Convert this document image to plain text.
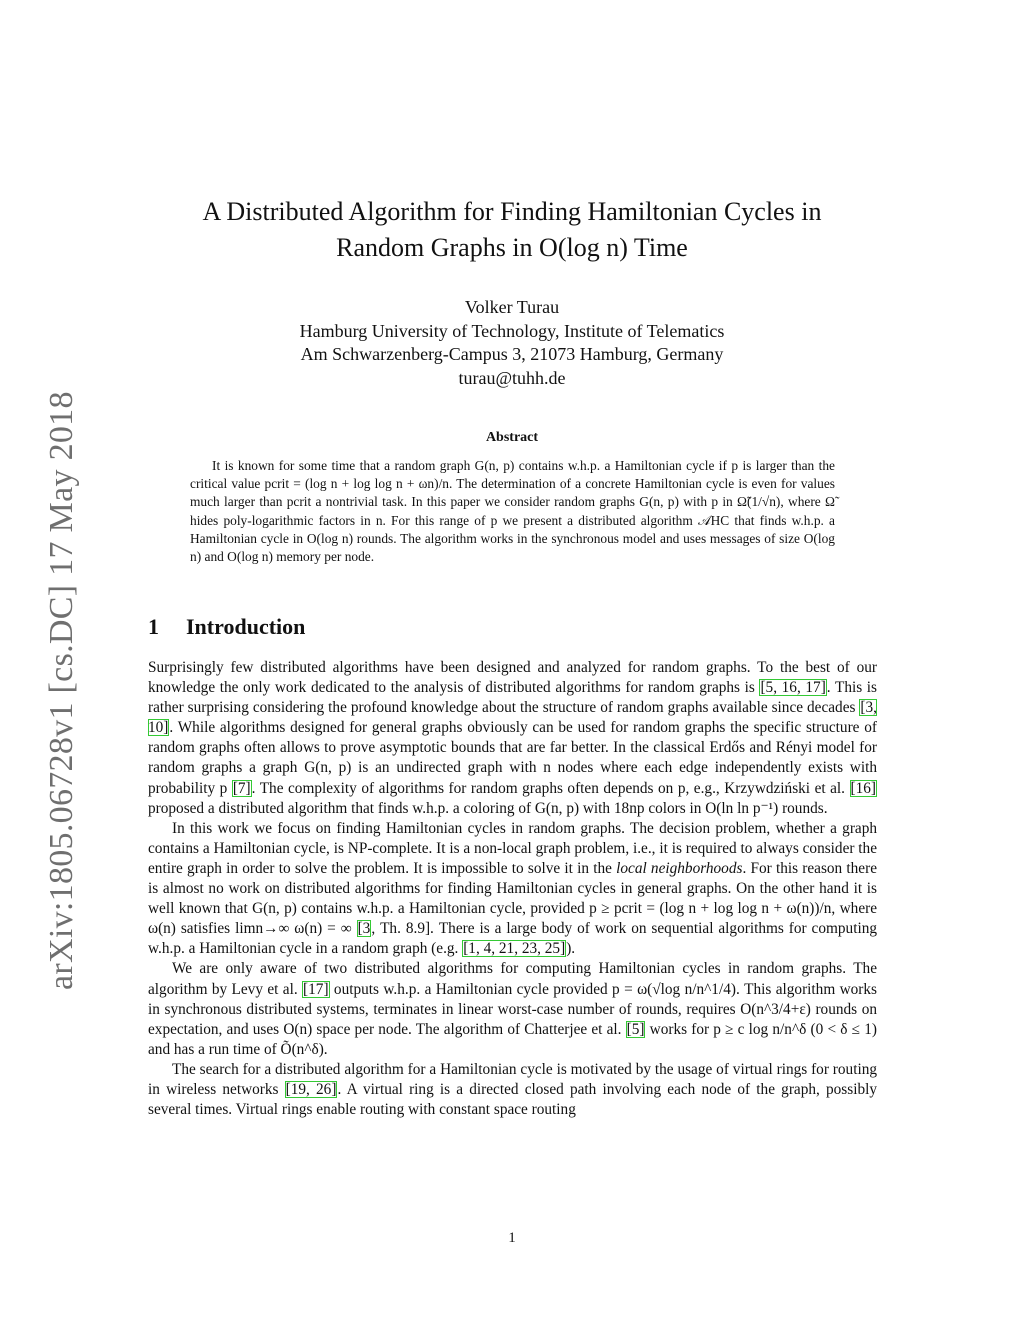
arXiv:1805.06728v1 [cs.DC] 17 May 2018
A Distributed Algorithm for Finding Hamiltonian Cycles in
Random Graphs in O(log n) Time
Volker Turau
Hamburg University of Technology, Institute of Telematics
Am Schwarzenberg-Campus 3, 21073 Hamburg, Germany
turau@tuhh.de
Abstract
It is known for some time that a random graph G(n, p) contains w.h.p. a Hamiltonian cycle if p is larger than the critical value pcrit = (log n + log log n + ωn)/n. The determination of a concrete Hamiltonian cycle is even for values much larger than pcrit a nontrivial task. In this paper we consider random graphs G(n, p) with p in Ω̃(1/√n), where Ω̃ hides poly-logarithmic factors in n. For this range of p we present a distributed algorithm 𝒜HC that finds w.h.p. a Hamiltonian cycle in O(log n) rounds. The algorithm works in the synchronous model and uses messages of size O(log n) and O(log n) memory per node.
1 Introduction

Surprisingly few distributed algorithms have been designed and analyzed for random graphs. To the best of our knowledge the only work dedicated to the analysis of distributed algorithms for random graphs is [5, 16, 17]. This is rather surprising considering the profound knowledge about the structure of random graphs available since decades [3, 10]. While algorithms designed for general graphs obviously can be used for random graphs the specific structure of random graphs often allows to prove asymptotic bounds that are far better. In the classical Erdős and Rényi model for random graphs a graph G(n, p) is an undirected graph with n nodes where each edge independently exists with probability p [7]. The complexity of algorithms for random graphs often depends on p, e.g., Krzywdziński et al. [16] proposed a distributed algorithm that finds w.h.p. a coloring of G(n, p) with 18np colors in O(ln ln p⁻¹) rounds.

In this work we focus on finding Hamiltonian cycles in random graphs. The decision problem, whether a graph contains a Hamiltonian cycle, is NP-complete. It is a non-local graph problem, i.e., it is required to always consider the entire graph in order to solve the problem. It is impossible to solve it in the local neighborhoods. For this reason there is almost no work on distributed algorithms for finding Hamiltonian cycles in general graphs. On the other hand it is well known that G(n, p) contains w.h.p. a Hamiltonian cycle, provided p ≥ pcrit = (log n + log log n + ω(n))/n, where ω(n) satisfies limn→∞ ω(n) = ∞ [3, Th. 8.9]. There is a large body of work on sequential algorithms for computing w.h.p. a Hamiltonian cycle in a random graph (e.g. [1, 4, 21, 23, 25]).

We are only aware of two distributed algorithms for computing Hamiltonian cycles in random graphs. The algorithm by Levy et al. [17] outputs w.h.p. a Hamiltonian cycle provided p = ω(√log n/n^1/4). This algorithm works in synchronous distributed systems, terminates in linear worst-case number of rounds, requires O(n^3/4+ε) rounds on expectation, and uses O(n) space per node. The algorithm of Chatterjee et al. [5] works for p ≥ c log n/n^δ (0 < δ ≤ 1) and has a run time of Õ(n^δ).

The search for a distributed algorithm for a Hamiltonian cycle is motivated by the usage of virtual rings for routing in wireless networks [19, 26]. A virtual ring is a directed closed path involving each node of the graph, possibly several times. Virtual rings enable routing with constant space routing

1
